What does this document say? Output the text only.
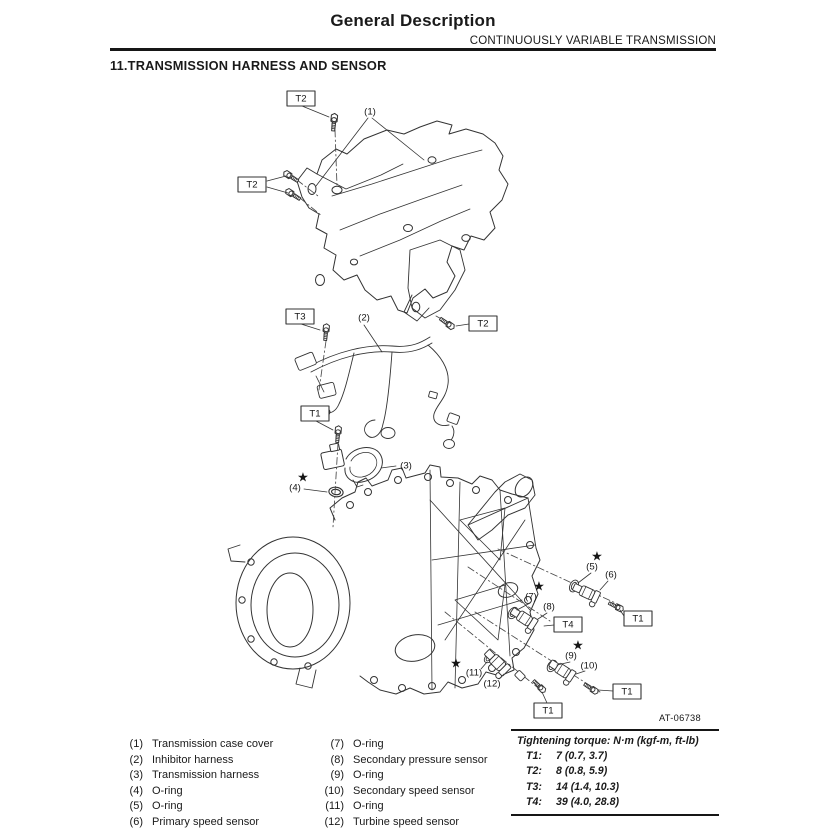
General Description
CONTINUOUSLY VARIABLE TRANSMISSION
11.TRANSMISSION HARNESS AND SENSOR
T2
T2
T3
T2
T1
T4
T1
T1
T1
(1)
(2)
(3)
(4)
(5)
(6)
(7)
(8)
(9)
(10)
(11)
(12)
★
★
★
★
★
AT-06738
(1) Transmission case cover
(2) Inhibitor harness
(3) Transmission harness
(4) O-ring
(5) O-ring
(6) Primary speed sensor
(7) O-ring
(8) Secondary pressure sensor
(9) O-ring
(10) Secondary speed sensor
(11) O-ring
(12) Turbine speed sensor
Tightening torque: N·m (kgf-m, ft-lb)
T1:	7 (0.7, 3.7)
T2:	8 (0.8, 5.9)
T3:	14 (1.4, 10.3)
T4:	39 (4.0, 28.8)
